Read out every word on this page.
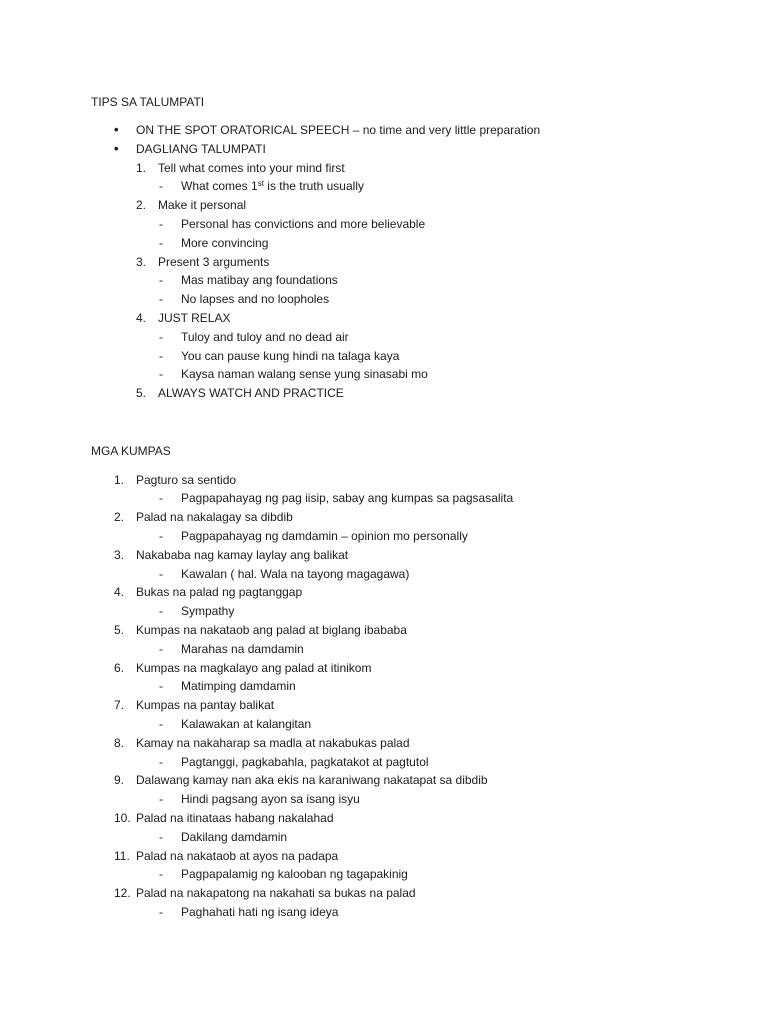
TIPS SA TALUMPATI
• ON THE SPOT ORATORICAL SPEECH – no time and very little preparation
• DAGLIANG TALUMPATI
1. Tell what comes into your mind first
- What comes 1st is the truth usually
2. Make it personal
- Personal has convictions and more believable
- More convincing
3. Present 3 arguments
- Mas matibay ang foundations
- No lapses and no loopholes
4. JUST RELAX
- Tuloy and tuloy and no dead air
- You can pause kung hindi na talaga kaya
- Kaysa naman walang sense yung sinasabi mo
5. ALWAYS WATCH AND PRACTICE
MGA KUMPAS
1. Pagturo sa sentido
- Pagpapahayag ng pag iisip, sabay ang kumpas sa pagsasalita
2. Palad na nakalagay sa dibdib
- Pagpapahayag ng damdamin – opinion mo personally
3. Nakababa nag kamay laylay ang balikat
- Kawalan ( hal. Wala na tayong magagawa)
4. Bukas na palad ng pagtanggap
- Sympathy
5. Kumpas na nakataob ang palad at biglang ibababa
- Marahas na damdamin
6. Kumpas na magkalayo ang palad at itinikom
- Matimping damdamin
7. Kumpas na pantay balikat
- Kalawakan at kalangitan
8. Kamay na nakaharap sa madla at nakabukas palad
- Pagtanggi, pagkabahla, pagkatakot at pagtutol
9. Dalawang kamay nan aka ekis na karaniwang nakatapat sa dibdib
- Hindi pagsang ayon sa isang isyu
10. Palad na itinataas habang nakalahad
- Dakilang damdamin
11. Palad na nakataob at ayos na padapa
- Pagpapalamig ng kalooban ng tagapakinig
12. Palad na nakapatong na nakahati sa bukas na palad
- Paghahati hati ng isang ideya
